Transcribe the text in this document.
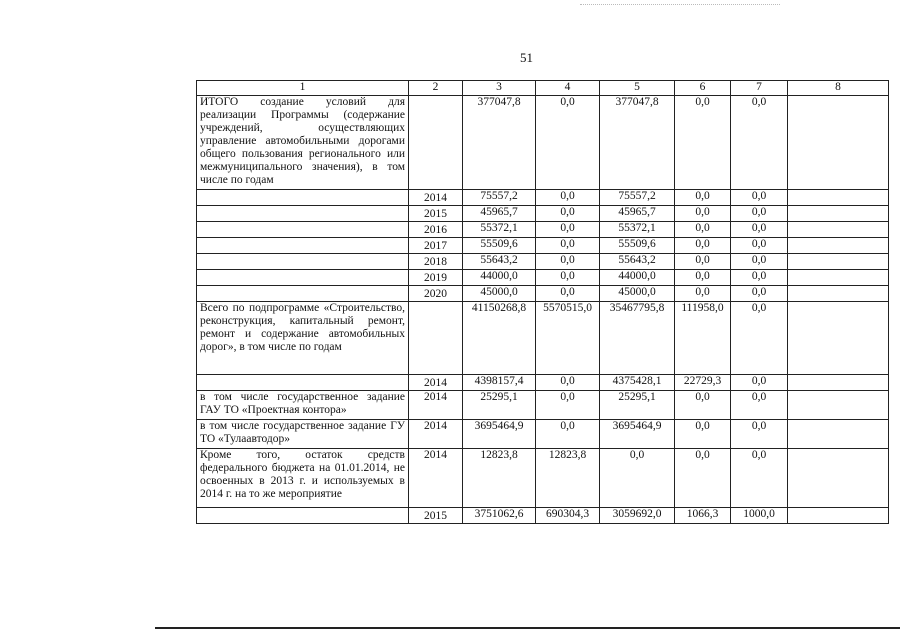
51
1	2	3	4	5	6	7	8
ИТОГО создание условий для реализации Программы (содержание учреждений, осуществляющих управление автомобильными дорогами общего пользования регионального или межмуниципального значения), в том числе по годам		377047,8	0,0	377047,8	0,0	0,0	
	2014	75557,2	0,0	75557,2	0,0	0,0	
	2015	45965,7	0,0	45965,7	0,0	0,0	
	2016	55372,1	0,0	55372,1	0,0	0,0	
	2017	55509,6	0,0	55509,6	0,0	0,0	
	2018	55643,2	0,0	55643,2	0,0	0,0	
	2019	44000,0	0,0	44000,0	0,0	0,0	
	2020	45000,0	0,0	45000,0	0,0	0,0	
Всего по подпрограмме «Строительство, реконструкция, капитальный ремонт, ремонт и содержание автомобильных дорог», в том числе по годам		41150268,8	5570515,0	35467795,8	111958,0	0,0	
	2014	4398157,4	0,0	4375428,1	22729,3	0,0	
в том числе государственное задание ГАУ ТО «Проектная контора»	2014	25295,1	0,0	25295,1	0,0	0,0	
в том числе государственное задание ГУ ТО «Тулаавтодор»	2014	3695464,9	0,0	3695464,9	0,0	0,0	
Кроме того, остаток средств федерального бюджета на 01.01.2014, не освоенных в 2013 г. и используемых в 2014 г. на то же мероприятие	2014	12823,8	12823,8	0,0	0,0	0,0	
	2015	3751062,6	690304,3	3059692,0	1066,3	1000,0	
